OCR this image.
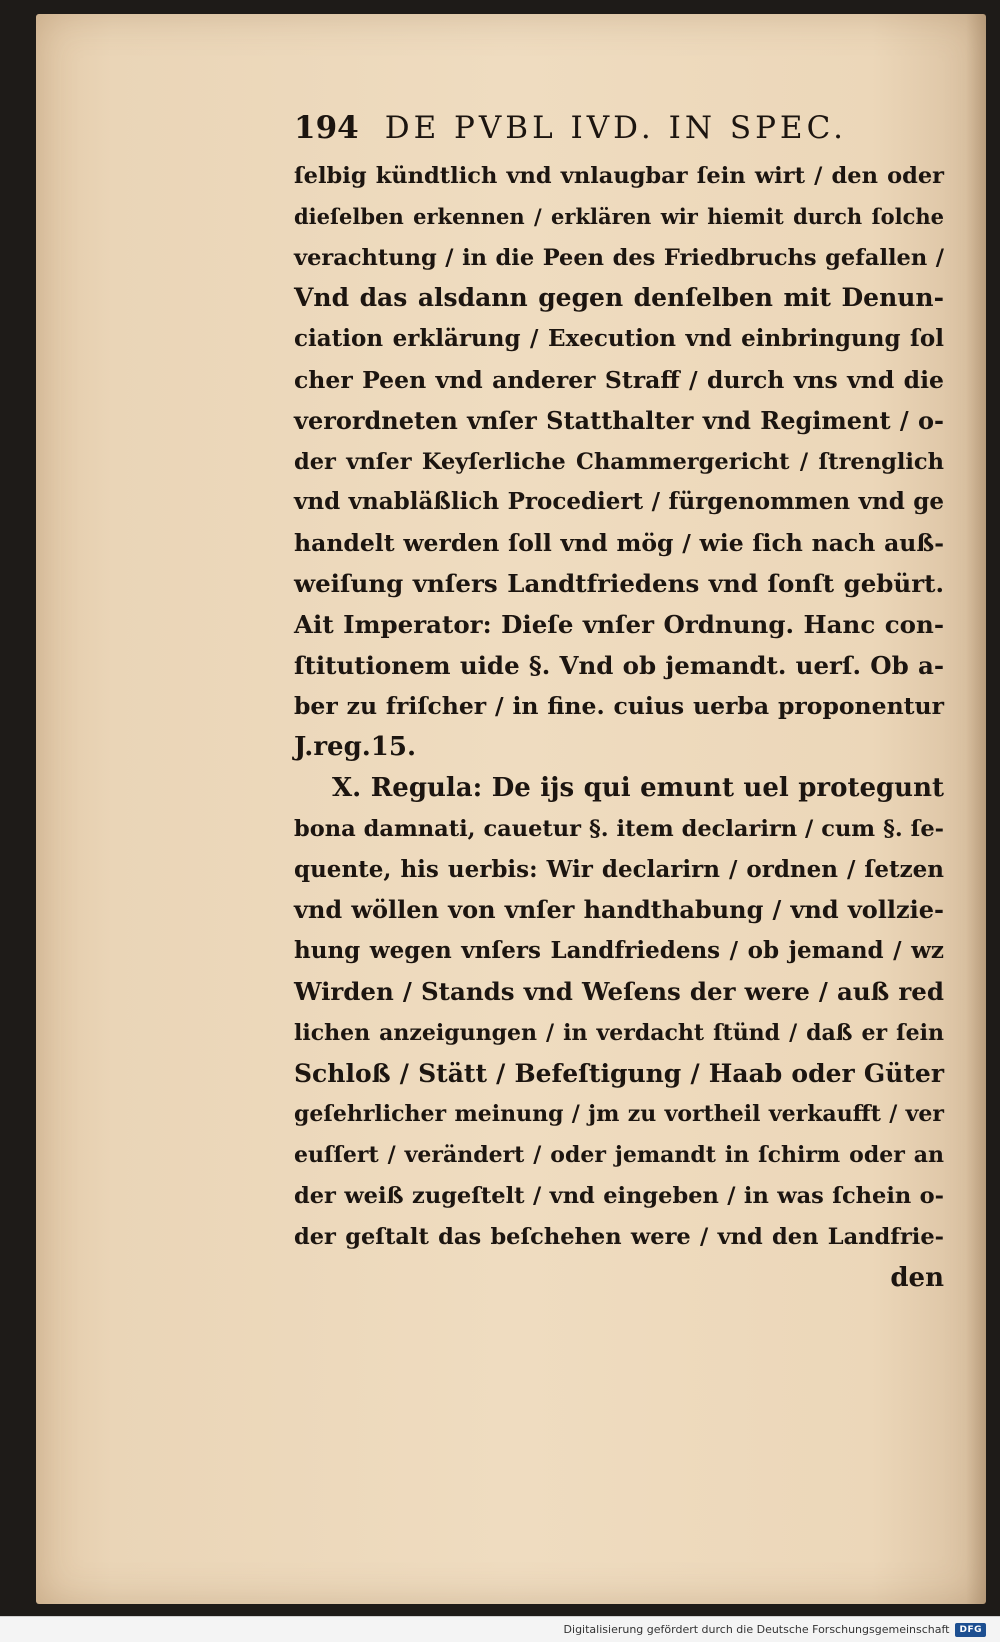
194 DE PVBL IVD. IN SPEC.
ſelbig kündtlich vnd vnlaugbar ſein wirt / den oder
dieſelben erkennen / erklären wir hiemit durch ſolche
verachtung / in die Peen des Friedbruchs gefallen /
Vnd das alsdann gegen denſelben mit Denun-
ciation erklärung / Execution vnd einbringung ſol
cher Peen vnd anderer Straff / durch vns vnd die
verordneten vnſer Statthalter vnd Regiment / o-
der vnſer Keyſerliche Chammergericht / ſtrenglich
vnd vnabläßlich Procediert / fürgenommen vnd ge
handelt werden ſoll vnd mög / wie ſich nach auß-
weiſung vnſers Landtfriedens vnd ſonſt gebürt.
Ait Imperator: Dieſe vnſer Ordnung. Hanc con-
ſtitutionem uide §. Vnd ob jemandt. uerſ. Ob a-
ber zu friſcher / in fine. cuius uerba proponentur
J.reg.15.
X. Regula: De ijs qui emunt uel protegunt
bona damnati, cauetur §. item declarirn / cum §. ſe-
quente, his uerbis: Wir declarirn / ordnen / ſetzen
vnd wöllen von vnſer handthabung / vnd vollzie-
hung wegen vnſers Landfriedens / ob jemand / wz
Wirden / Stands vnd Weſens der were / auß red
lichen anzeigungen / in verdacht ſtünd / daß er ſein
Schloß / Stätt / Befeſtigung / Haab oder Güter
geſehrlicher meinung / jm zu vortheil verkaufft / ver
euſſert / verändert / oder jemandt in ſchirm oder an
der weiß zugeſtelt / vnd eingeben / in was ſchein o-
der geſtalt das beſchehen were / vnd den Landfrie-
den
Digitalisierung gefördert durch die Deutsche Forschungsgemeinschaft	DFG
